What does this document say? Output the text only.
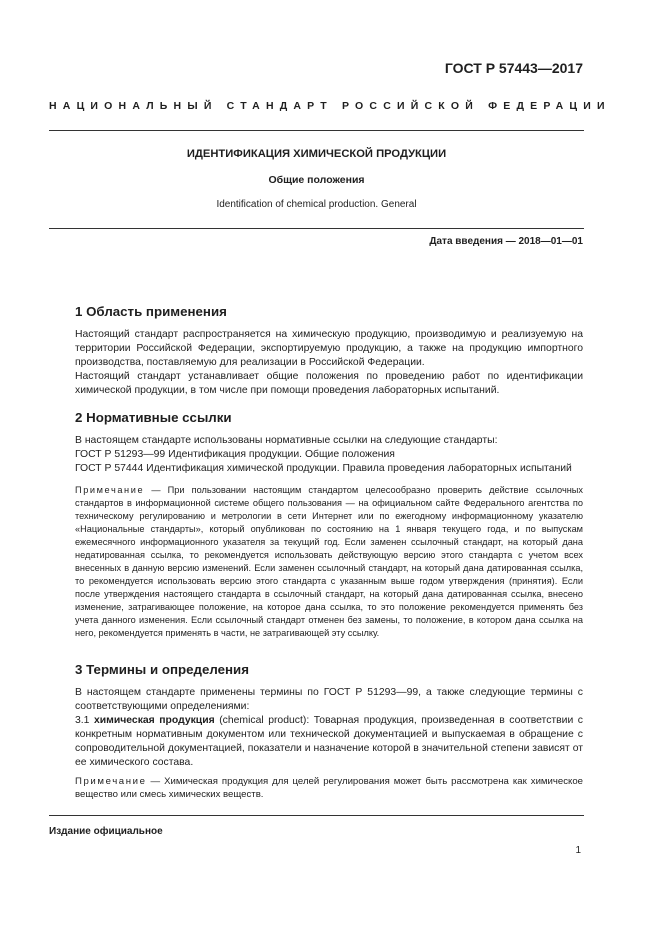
ГОСТ Р 57443—2017
НАЦИОНАЛЬНЫЙ СТАНДАРТ РОССИЙСКОЙ ФЕДЕРАЦИИ
ИДЕНТИФИКАЦИЯ ХИМИЧЕСКОЙ ПРОДУКЦИИ
Общие положения
Identification of chemical production. General
Дата введения — 2018—01—01
1 Область применения

Настоящий стандарт распространяется на химическую продукцию, производимую и реализуемую на территории Российской Федерации, экспортируемую продукцию, а также на продукцию импортного производства, поставляемую для реализации в Российской Федерации.

Настоящий стандарт устанавливает общие положения по проведению работ по идентификации химической продукции, в том числе при помощи проведения лабораторных испытаний.

2 Нормативные ссылки

В настоящем стандарте использованы нормативные ссылки на следующие стандарты:

ГОСТ Р 51293—99 Идентификация продукции. Общие положения

ГОСТ Р 57444 Идентификация химической продукции. Правила проведения лабораторных испытаний

Примечание — При пользовании настоящим стандартом целесообразно проверить действие ссылочных стандартов в информационной системе общего пользования — на официальном сайте Федерального агентства по техническому регулированию и метрологии в сети Интернет или по ежегодному информационному указателю «Национальные стандарты», который опубликован по состоянию на 1 января текущего года, и по выпускам ежемесячного информационного указателя за текущий год. Если заменен ссылочный стандарт, на который дана недатированная ссылка, то рекомендуется использовать действующую версию этого стандарта с учетом всех внесенных в данную версию изменений. Если заменен ссылочный стандарт, на который дана датированная ссылка, то рекомендуется использовать версию этого стандарта с указанным выше годом утверждения (принятия). Если после утверждения настоящего стандарта в ссылочный стандарт, на который дана датированная ссылка, внесено изменение, затрагивающее положение, на которое дана ссылка, то это положение рекомендуется применять без учета данного изменения. Если ссылочный стандарт отменен без замены, то положение, в котором дана ссылка на него, рекомендуется применять в части, не затрагивающей эту ссылку.
3 Термины и определения

В настоящем стандарте применены термины по ГОСТ Р 51293—99, а также следующие термины с соответствующими определениями:

3.1 химическая продукция (chemical product): Товарная продукция, произведенная в соответствии с конкретным нормативным документом или технической документацией и выпускаемая в обращение с сопроводительной документацией, показатели и назначение которой в значительной степени зависят от ее химического состава.

Примечание — Химическая продукция для целей регулирования может быть рассмотрена как химическое вещество или смесь химических веществ.
Издание официальное
1
